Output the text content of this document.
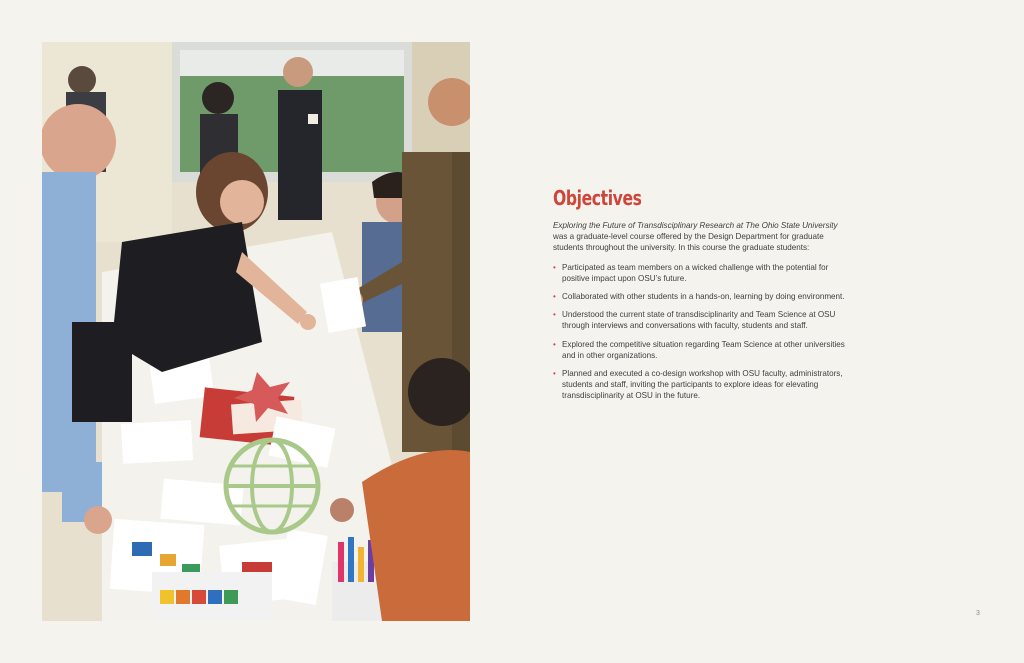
Objectives

Exploring the Future of Transdisciplinary Research at The Ohio State University was a graduate-level course offered by the Design Department for graduate students throughout the university. In this course the graduate students:

• Participated as team members on a wicked challenge with the potential for positive impact upon OSU’s future.
• Collaborated with other students in a hands-on, learning by doing environment.
• Understood the current state of transdisciplinarity and Team Science at OSU through interviews and conversations with faculty, students and staff.
• Explored the competitive situation regarding Team Science at other universities and in other organizations.
• Planned and executed a co-design workshop with OSU faculty, administrators, students and staff, inviting the participants to explore ideas for elevating transdisciplinarity at OSU in the future.
3
